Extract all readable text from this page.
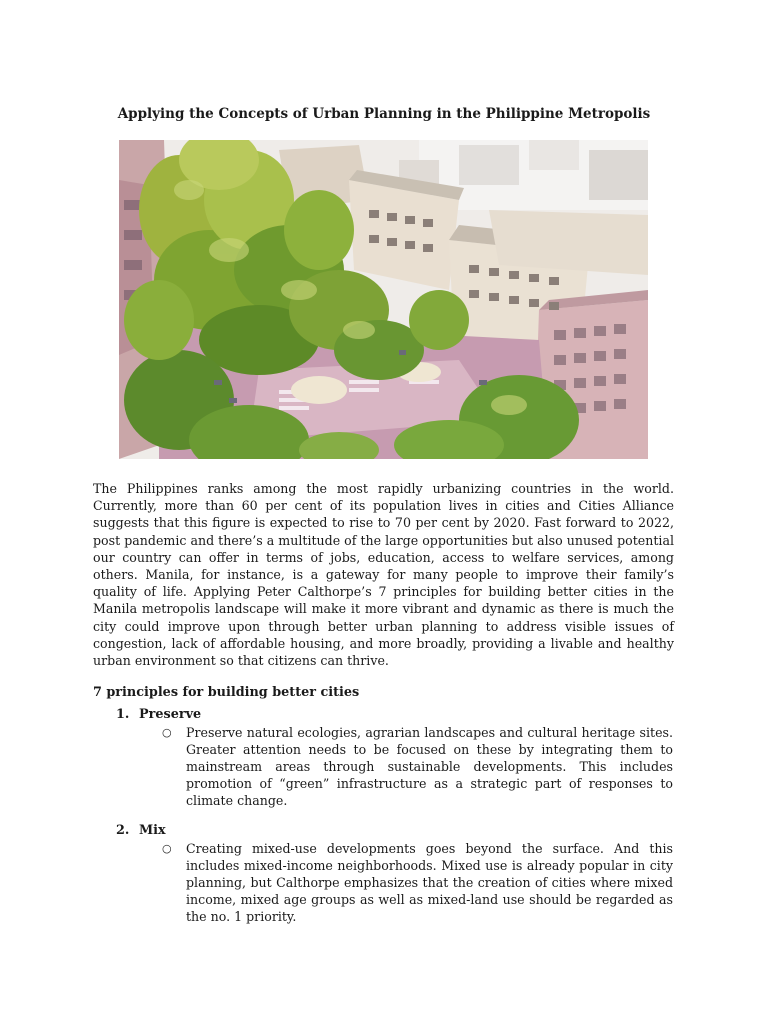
Applying the Concepts of Urban Planning in the Philippine Metropolis

The Philippines ranks among the most rapidly urbanizing countries in the world. Currently, more than 60 per cent of its population lives in cities and Cities Alliance suggests that this figure is expected to rise to 70 per cent by 2020. Fast forward to 2022, post pandemic and there’s a multitude of the large opportunities but also unused potential our country can offer in terms of jobs, education, access to welfare services, among others. Manila, for instance, is a gateway for many people to improve their family’s quality of life. Applying Peter Calthorpe’s 7 principles for building better cities in the Manila metropolis landscape will make it more vibrant and dynamic as there is much the city could improve upon through better urban planning to address visible issues of congestion, lack of affordable housing, and more broadly, providing a livable and healthy urban environment so that citizens can thrive.

7 principles for building better cities
1. Preserve
○ Preserve natural ecologies, agrarian landscapes and cultural heritage sites. Greater attention needs to be focused on these by integrating them to mainstream areas through sustainable developments. This includes promotion of “green” infrastructure as a strategic part of responses to climate change.

2. Mix
○ Creating mixed-use developments goes beyond the surface. And this includes mixed-income neighborhoods. Mixed use is already popular in city planning, but Calthorpe emphasizes that the creation of cities where mixed income, mixed age groups as well as mixed-land use should be regarded as the no. 1 priority.
